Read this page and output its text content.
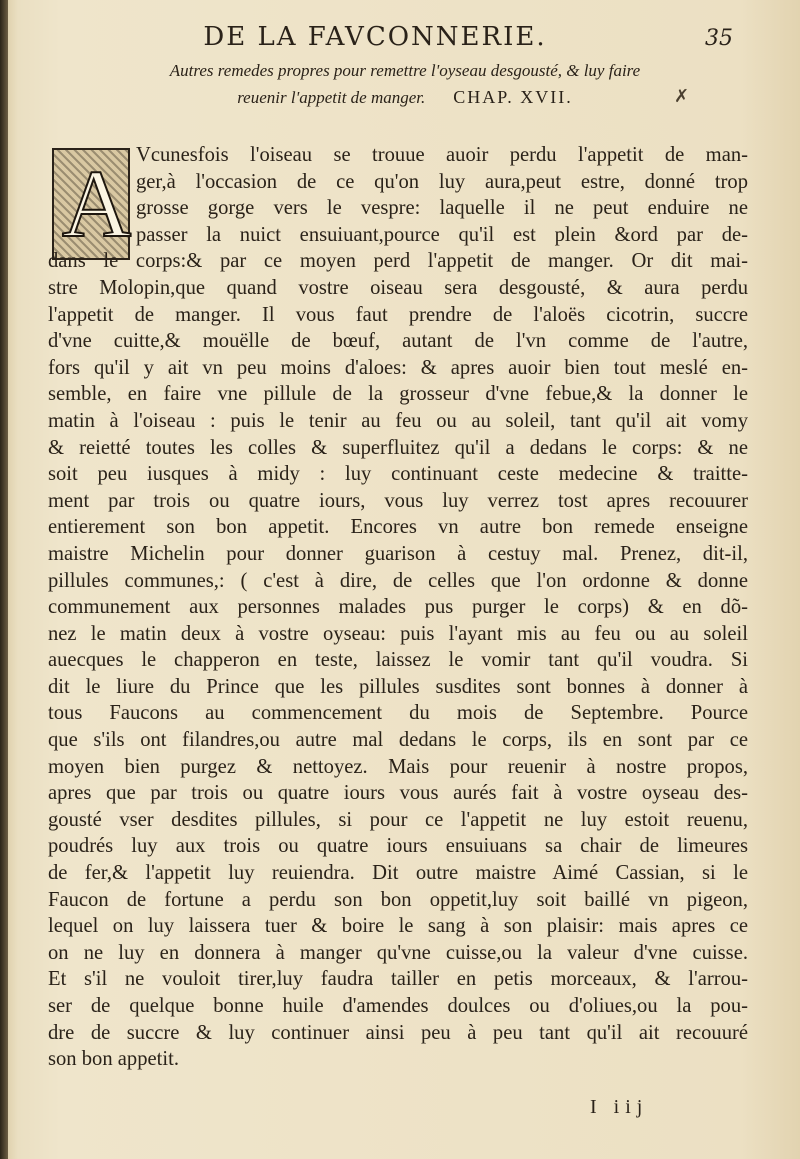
DE LA FAVCONNERIE.	35
Autres remedes propres pour remettre l'oyseau desgousté, & luy faire
reuenir l'appetit de manger. CHAP. XVII.	✗
A Vcunesfois l'oiseau se trouue auoir perdu l'appetit de man-
ger,à l'occasion de ce qu'on luy aura,peut estre, donné trop
grosse gorge vers le vespre: laquelle il ne peut enduire ne
passer la nuict ensuiuant,pource qu'il est plein &ord par de-
dans le corps:& par ce moyen perd l'appetit de manger. Or dit mai-
stre Molopin,que quand vostre oiseau sera desgousté, & aura perdu
l'appetit de manger. Il vous faut prendre de l'aloës cicotrin, succre
d'vne cuitte,& mouëlle de bœuf, autant de l'vn comme de l'autre,
fors qu'il y ait vn peu moins d'aloes: & apres auoir bien tout meslé en-
semble, en faire vne pillule de la grosseur d'vne febue,& la donner le
matin à l'oiseau : puis le tenir au feu ou au soleil, tant qu'il ait vomy
& reietté toutes les colles & superfluitez qu'il a dedans le corps: & ne
soit peu iusques à midy : luy continuant ceste medecine & traitte-
ment par trois ou quatre iours, vous luy verrez tost apres recouurer
entierement son bon appetit. Encores vn autre bon remede enseigne
maistre Michelin pour donner guarison à cestuy mal. Prenez, dit-il,
pillules communes,: ( c'est à dire, de celles que l'on ordonne & donne
communement aux personnes malades pus purger le corps) & en dõ-
nez le matin deux à vostre oyseau: puis l'ayant mis au feu ou au soleil
auecques le chapperon en teste, laissez le vomir tant qu'il voudra. Si
dit le liure du Prince que les pillules susdites sont bonnes à donner à
tous Faucons au commencement du mois de Septembre. Pource
que s'ils ont filandres,ou autre mal dedans le corps, ils en sont par ce
moyen bien purgez & nettoyez. Mais pour reuenir à nostre propos,
apres que par trois ou quatre iours vous aurés fait à vostre oyseau des-
gousté vser desdites pillules, si pour ce l'appetit ne luy estoit reuenu,
poudrés luy aux trois ou quatre iours ensuiuans sa chair de limeures
de fer,& l'appetit luy reuiendra. Dit outre maistre Aimé Cassian, si le
Faucon de fortune a perdu son bon oppetit,luy soit baillé vn pigeon,
lequel on luy laissera tuer & boire le sang à son plaisir: mais apres ce
on ne luy en donnera à manger qu'vne cuisse,ou la valeur d'vne cuisse.
Et s'il ne vouloit tirer,luy faudra tailler en petis morceaux, & l'arrou-
ser de quelque bonne huile d'amendes doulces ou d'oliues,ou la pou-
dre de succre & luy continuer ainsi peu à peu tant qu'il ait recouuré
son bon appetit.
I iij
